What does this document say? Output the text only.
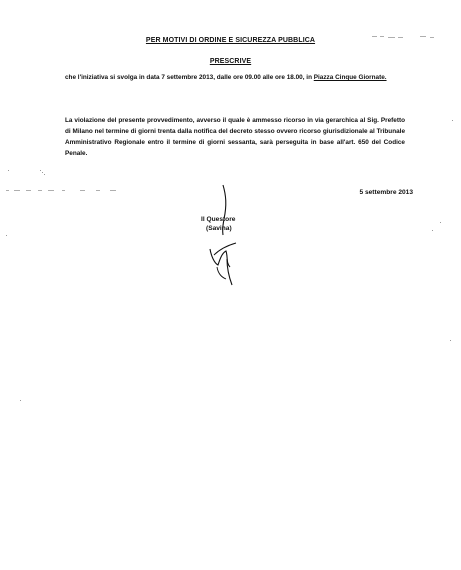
PER MOTIVI DI ORDINE E SICUREZZA PUBBLICA
PRESCRIVE
che l'iniziativa si svolga in data 7 settembre 2013, dalle ore 09.00 alle ore 18.00, in Piazza Cinque Giornate.
La violazione del presente provvedimento, avverso il quale è ammesso ricorso in via gerarchica al Sig. Prefetto di Milano nel termine di giorni trenta dalla notifica del decreto stesso ovvero ricorso giurisdizionale al Tribunale Amministrativo Regionale entro il termine di giorni sessanta, sarà perseguita in base all'art. 650 del Codice Penale.
5 settembre 2013
Il Questore
(Savina)
